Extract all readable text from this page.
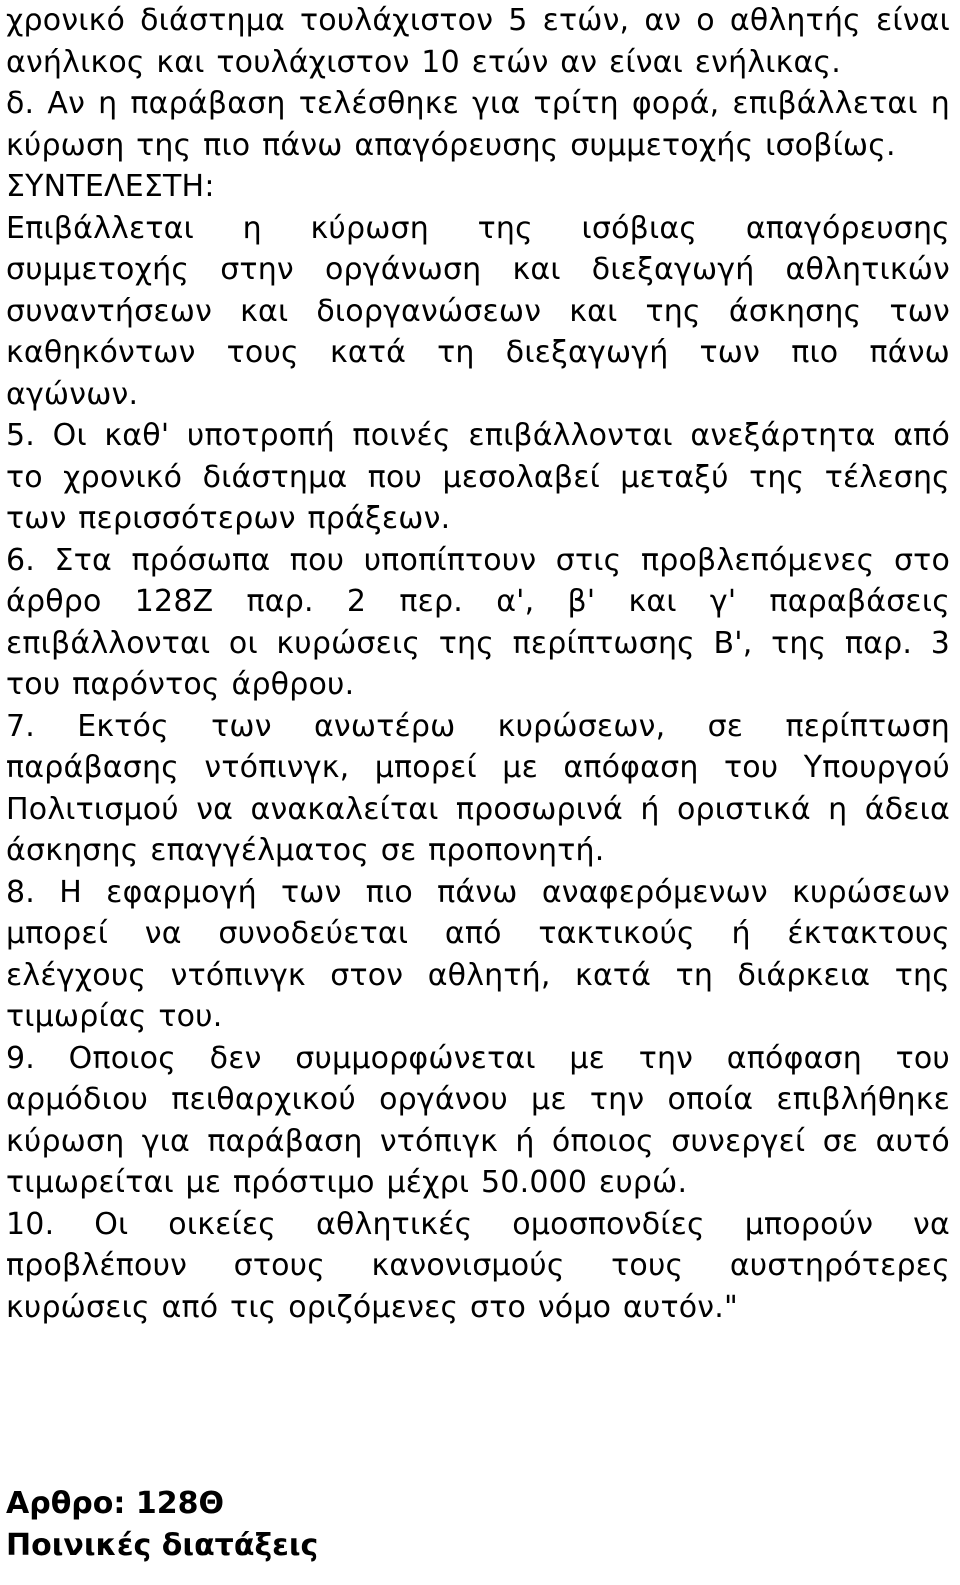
χρονικό διάστημα τουλάχιστον 5 ετών, αν ο αθλητής είναι ανήλικος και τουλάχιστον 10 ετών αν είναι ενήλικας.

δ. Αν η παράβαση τελέσθηκε για τρίτη φορά, επιβάλλεται η κύρωση της πιο πάνω απαγόρευσης συμμετοχής ισοβίως.

ΣΥΝΤΕΛΕΣΤΗ:

Επιβάλλεται η κύρωση της ισόβιας απαγόρευσης συμμετοχής στην οργάνωση και διεξαγωγή αθλητικών συναντήσεων και διοργανώσεων και της άσκησης των καθηκόντων τους κατά τη διεξαγωγή των πιο πάνω αγώνων.

5. Οι καθ' υποτροπή ποινές επιβάλλονται ανεξάρτητα από το χρονικό διάστημα που μεσολαβεί μεταξύ της τέλεσης των περισσότερων πράξεων.

6. Στα πρόσωπα που υποπίπτουν στις προβλεπόμενες στο άρθρο 128Ζ παρ. 2 περ. α', β' και γ' παραβάσεις επιβάλλονται οι κυρώσεις της περίπτωσης Β', της παρ. 3 του παρόντος άρθρου.

7. Εκτός των ανωτέρω κυρώσεων, σε περίπτωση παράβασης ντόπινγκ, μπορεί με απόφαση του Υπουργού Πολιτισμού να ανακαλείται προσωρινά ή οριστικά η άδεια άσκησης επαγγέλματος σε προπονητή.

8. Η εφαρμογή των πιο πάνω αναφερόμενων κυρώσεων μπορεί να συνοδεύεται από τακτικούς ή έκτακτους ελέγχους ντόπινγκ στον αθλητή, κατά τη διάρκεια της τιμωρίας του.

9. Οποιος δεν συμμορφώνεται με την απόφαση του αρμόδιου πειθαρχικού οργάνου με την οποία επιβλήθηκε κύρωση για παράβαση ντόπιγκ ή όποιος συνεργεί σε αυτό τιμωρείται με πρόστιμο μέχρι 50.000 ευρώ.

10. Οι οικείες αθλητικές ομοσπονδίες μπορούν να προβλέπουν στους κανονισμούς τους αυστηρότερες κυρώσεις από τις οριζόμενες στο νόμο αυτόν."

Αρθρο: 128Θ

Ποινικές διατάξεις
